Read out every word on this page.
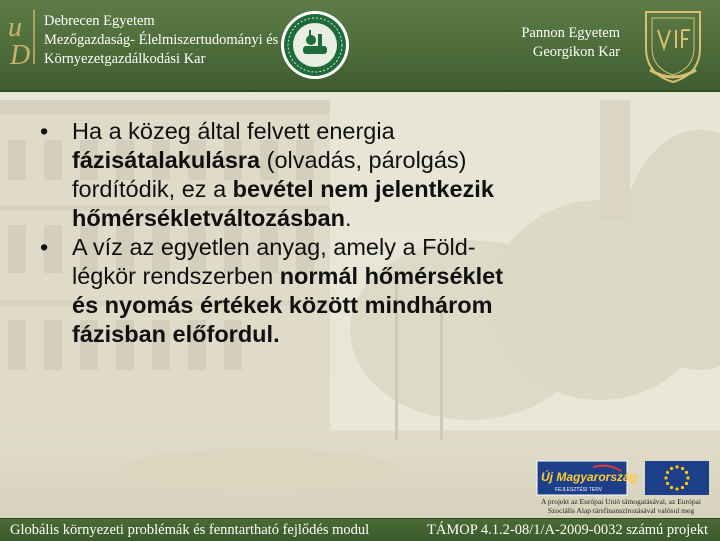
u
D
Debrecen Egyetem
Mezőgazdaság- Élelmiszertudományi és
Környezetgazdálkodási Kar
Pannon Egyetem
Georgikon Kar
• Ha a közeg által felvett energia
fázisátalakulásra (olvadás, párolgás)
fordítódik, ez a bevétel nem jelentkezik
hőmérsékletváltozásban.
• A víz az egyetlen anyag, amely a Föld-
légkör rendszerben normál hőmérséklet
és nyomás értékek között mindhárom
fázisban előfordul.
Új Magyarország
FEJLESZTÉSI TERV
A projekt az Európai Unió támogatásával, az Európai
Szociális Alap társfinanszírozásával valósul meg
Globális környezeti problémák és fenntartható fejlődés modul	TÁMOP 4.1.2-08/1/A-2009-0032 számú projekt
